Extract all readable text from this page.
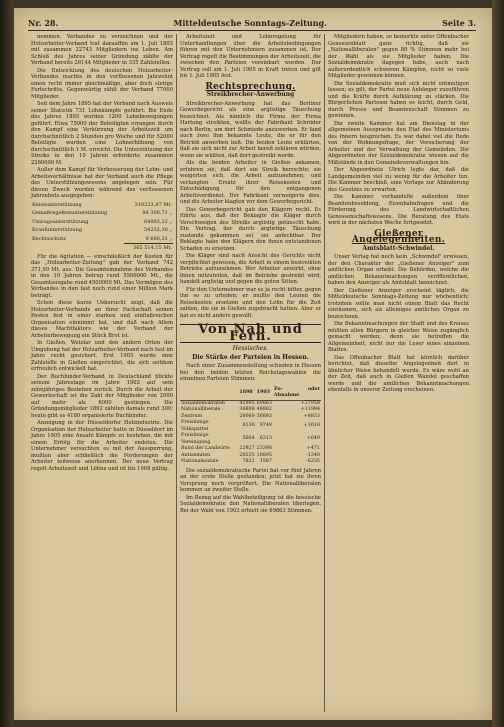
Nr. 28.	Mitteldeutsche Sonntags-Zeitung.	Seite 3.

nommen. Verbandes zu verzeichnen und der Holzarbeiter-Verband trat daraufhin am 1. Juli 1893 mit zusammen 22743 Mitgliedern ins Leben. Am Schluß des Jahres seiner Gründung zählte der Verband bereits 26144 Mitglieder in 335 Zahlstellen.

Die Entwicklung des deutschen Holzarbeiter-Verbandes machte in den verflossenen Jahrzehnt einen recht immer gleichmäßige, aber doch stetige Fortschritte. Gegenwärtig zählt der Verband 77000 Mitglieder.

Seit dem Jahre 1895 hat der Verband nach Ausweis seiner Statistik 731 Lohnkämpfe geführt. Bis Ende des Jahres 1895 wurden 1200 Lohnbewegungen geführt. Etwa 75000 der Beteiligten errangen durch den Kampf eine Verkürzung der Arbeitszeit um durchschnittlich 2 Stunden pro Woche und für 52000 Beteiligte wurden eine Lohnerhöhung von durchschnittlich 1 M. erreicht. Die Unterstützung der Streiks in den 10 Jahren erforderte zusammen 2260000 M.

Außer dem Kampf für Verbesserung der Lohn- und Arbeitsverhältnisse hat der Verband auch die Pflege des Unterstützungswesens angelegen sein. Für diesen Zweck wurden während des verflossenen Jahrzehnts ausgegeben:

Reiseunterstützung	310223,87 Mt.
Gemaßregeltenunterstützung	84 300,71 „
Umzugsunterstützung	64893,22 „
Kranfunterstützung	54232,30 „
Rechtsschutz	9 680,31 „
	365 514,15 Mt.

Für die Agitation — einschließlich der Kosten für das „Holzarbeiter-Zeitung" gab der Verband 742 371,99 Mt. aus. Die Gesamteinnahme des Verbandes in den 10 Jahren betrug rund 5500000 Mt., die Gesamtausgabe rund 4500000 Mt. Das Vermögen des Verbandes in den fast noch rund einer Million Mark beträgt.

Schon diese kurze Uebersicht zeigt, daß die Holzarbeiter-Verbands an ihrer Fachschaft seinen Posten fest in einer starken und einflußreichen Organisation einnimmt hat, und daß nach Allem dieses Machtfaktors wie der Verband der Arbeiterbewegung ein Stück Brot ist.

In Gießen, Wetzlar und den andern Orten der Umgebung hat der Holzarbeiter-Verband nach fast im Jahre recht gesichert. Erst 1905 wurde eine Zahlstelle in Gießen eingerichtet, die sich seitdem erfreulich entwickelt hat.

Der Buchbinder-Verband in Deutschland blickte seinem Jahrestage im Jahre 1902 auf sein zehnjähriges Bestehen zurück. Durch die Arbeit der Gewerkschaft ist die Zahl der Mitglieder von 2000 auf mehr als 6000 gestiegen. Die Gründungsmitglieder 1892 zählten damals rund 300; heute gibt es 4180 organisierte Buchbinder.

Anzeigung in der Düsseldorfer Holzindustrie. Die Organisation der Holzarbeiter hatte in Düsseldorf im Jahre 1905 eine Anzahl Kämpfe zu bestehen, die mit einem Erfolg für die Arbeiter endeten. Die Unternehmer versuchten es mit der Aussperrung, mußten aber schließlich die Forderungen der Arbeiter teilweise anerkennen. Der neue Vertrag regelt Arbeitszeit und Löhne und ist bis 1908 gültig.

Arbeitszeit und Lohnregelung für Unterhandlungen über die Arbeitsbedingungen führen mit den Unternehmern zusammen ist. Der Vertrag regelt die Bestimmungen der Arbeitszeit, die zwischen den Parteien vereinbart worden. Der Vertrag soll am 1. Juli 1905 in Kraft treten und gilt bis 1. Juli 1905 fest.

Rechtsprechung.
Streikbrecher-Anwerbung

Streikbrecher-Anwerbung hat das Berliner Gewerbegericht als eine arglistige Täuschung bezeichnet. Als nämlich die Firma der Firma Hartung streikten, wollte der Fabrikant Schröder nach Berlin, um dort Schmiede anzuwerben. Er fand auch zwei ihm bekannte Leute, die er für den Betrieb anwerben ließ. Die beiden Leute erklärten, daß sie sich nicht zur Arbeit bereit erklären würden, wenn sie wüßten, daß dort gestreikt werde.

Als die beiden Arbeiter in Gießen ankamen, erfuhren sie, daß dort ein Streik herrschte; sie weigerten sich, die Arbeit aufzunehmen, und verlangten Ersatz ihrer Reisekosten und Entschädigung für den entgangenen Arbeitsverdienst. Der Fabrikant verweigerte dies, und die Arbeiter klagten vor dem Gewerbegericht.

Das Gewerbegericht gab den Klägern recht. Es führte aus, daß der Beklagte die Kläger durch Verschweigen des Streiks arglistig getäuscht habe. Ein Vertrag, der durch arglistige Täuschung zustande gekommen sei, sei anfechtbar. Der Beklagte habe den Klägern den ihnen entstandenen Schaden zu ersetzen.

Die Kläger sind nach Ansicht des Gerichts nicht verpflichtet gewesen, die Arbeit in einem bestreikten Betriebe aufzunehmen. Wer Arbeiter anwirbt, ohne ihnen mitzuteilen, daß im Betriebe gestreikt wird, handelt arglistig und gegen die guten Sitten.

Für den Unternehmer war es ja recht bitter, gegen ihn so zu urteilen; er mußte den Leuten die Reisekosten ersetzen und den Lohn für die Zeit zahlen, die sie in Gießen zugebracht hatten. Aber er hat es nicht anders gewollt.

Von Nah und Fern.
Hessisches.
Die Stärke der Parteien in Hessen.

Nach einer Zusammenstellung schieden in Hessen bei den beiden letzten Reichstagswahlen die einzelnen Parteien Stimmen:

	1898	1903	Zu- oder Abnahme
Sozialdemokraten	41905	69863	+27958
Nationalliberale	36888	48882	+11994
Zentrum	28060	36893	+8833
Freisinnige Volkspartei	8130	9748	+1618
Freisinnige Vereinigung	5664	6313	+649
Bund der Landwirte	22927	23398	+471
Antisemiten	20235	18895	-1340
Nationalsoziale	7822	1587	-6235

Die sozialdemokratische Partei hat vor fünf Jahren an der erste Stelle gestanden; jetzt hat sie ihren Vorsprung noch vergrößert. Die Nationalliberalen kommen an zweiter Stelle.

Im Bezug auf die Wahlbeteiligung ist die hessische Sozialdemokratie den Nationalliberalen überlegen. Bei der Wahl von 1903 erhielt sie 69863 Stimmen.

Mitgliedern haben, so bemerkte unter Offenbacher Genossenblatt ganz richtig, daß sie „Nationalliberalen" gegen 80 % Stimmen mehr bei der Wahl als sie Mitglieder haben. Die Sozialdemokratie dagegen habe, auch nach außerordentlich schweren Kämpfen, nicht so viele Mitglieder gewinnen können.

Die Sozialdemokratie muß sich nicht entmutigen lassen; es gilt, der Partei neue Anhänger zuzuführen und die Kräfte durch Aufklärung zu stärken. Die Bürgerlichen Parteien haben es leicht, durch Geld, durch Presse und Beamtenschaft Stimmen zu gewinnen.

Die zweite Kammer hat am Dienstag in der allgemeinen Aussprache den Etat des Ministeriums des Innern besprochen. Es war dabei viel die Rede von der Wohnungsfrage, der Versicherung der Arbeiter und der Verwaltung der Gemeinden. Die Abgeordneten der Sozialdemokratie wiesen auf die Mißstände in den Gemeindeverwaltungen hin.

Der Abgeordnete Ulrich legte dar, daß die Landgemeinden viel zu wenig für die Arbeiter tun. Die Kammer beschloß, eine Vorlage zur Abänderung des Gesetzes zu erwarten.

Die Kammer verhandelte außerdem über Beamtenbesoldung, Eisenbahnfragen und die Förderung des Landwirtschaftlichen Genossenschaftswesens. Die Beratung des Etats wird in der nächsten Woche fortgesetzt.

Gießener Angelegenheiten.
Amtsblatt-Schwindel.

Unser Verlag hat noch kein „Schwindel" erwiesen, der den Charakter der „Gießener Anzeiger" zum amtlichen Organ erhebt. Die Behörden, welche die amtlichen Bekanntmachungen veröffentlichen, haben den Anzeiger als Amtsblatt bezeichnet.

Der Gießener Anzeiger erscheint täglich, die Mitteldeutsche Sonntags-Zeitung nur wöchentlich; trotzdem sollte man nicht einem Blatt das Recht einräumen, sich als alleiniges amtliches Organ zu bezeichnen.

Die Bekanntmachungen der Stadt und des Kreises müßten allen Bürgern in gleicher Weise zugänglich gemacht werden; denn sie betreffen die Allgemeinheit, nicht nur die Leser eines einzelnen Blattes.

Das Offenbacher Blatt hat kürzlich darüber berichtet, daß dieselbe Angelegenheit dort in ähnlicher Weise behandelt wurde. Es wäre wohl an der Zeit, daß auch in Gießen Wandel geschaffen werde und die amtlichen Bekanntmachungen ebenfalls in unserer Zeitung erscheinen.
